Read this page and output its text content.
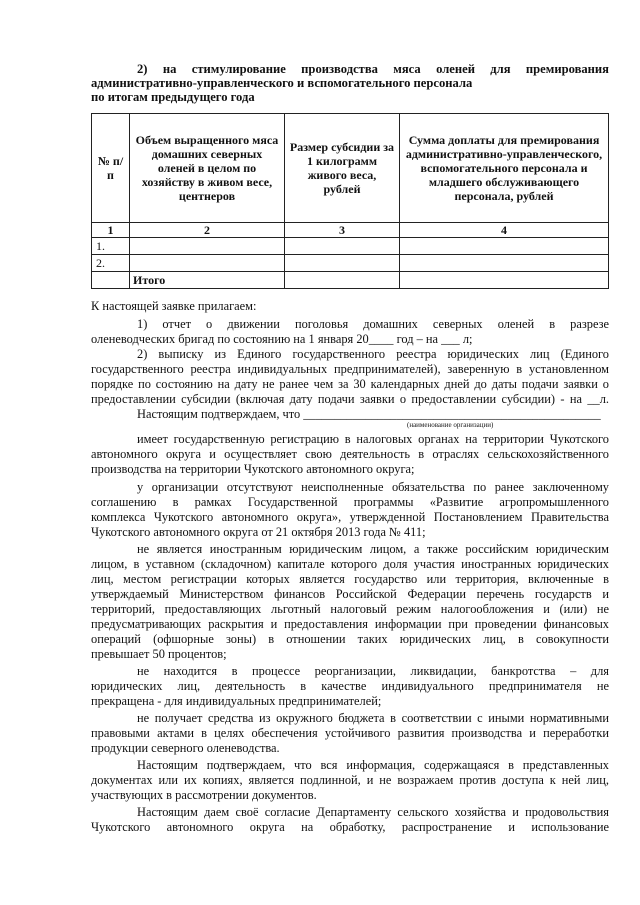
2) на стимулирование производства мяса оленей для премирования
административно-управленческого и вспомогательного персонала
по итогам предыдущего года
№ п/п	Объем выращенного мяса домашних северных оленей в целом по хозяйству в живом весе, центнеров	Размер субсидии за 1 килограмм живого веса, рублей	Сумма доплаты для премирования административно-управленческого, вспомогательного персонала и младшего обслуживающего персонала, рублей
1	2	3	4
1.			
2.			
	Итого		
К настоящей заявке прилагаем:
1) отчет о движении поголовья домашних северных оленей в разрезе
оленеводческих бригад по состоянию на 1 января 20____ год – на ___ л;
2) выписку из Единого государственного реестра юридических лиц (Единого
государственного реестра индивидуальных предпринимателей), заверенную в установленном
порядке по состоянию на дату не ранее чем за 30 календарных дней до даты подачи заявки о
предоставлении субсидии (включая дату подачи заявки о предоставлении субсидии) - на __л.
Настоящим подтверждаем, что ________________________________________________
(наименование организации)
имеет государственную регистрацию в налоговых органах на территории Чукотского
автономного округа и осуществляет свою деятельность в отраслях сельскохозяйственного
производства на территории Чукотского автономного округа;
у организации отсутствуют неисполненные обязательства по ранее заключенному
соглашению в рамках Государственной программы «Развитие агропромышленного
комплекса Чукотского автономного округа», утвержденной Постановлением Правительства
Чукотского автономного округа от 21 октября 2013 года № 411;
не является иностранным юридическим лицом, а также российским юридическим
лицом, в уставном (складочном) капитале которого доля участия иностранных юридических
лиц, местом регистрации которых является государство или территория, включенные в
утверждаемый Министерством финансов Российской Федерации перечень государств и
территорий, предоставляющих льготный налоговый режим налогообложения и (или) не
предусматривающих раскрытия и предоставления информации при проведении финансовых
операций (офшорные зоны) в отношении таких юридических лиц, в совокупности
превышает 50 процентов;
не находится в процессе реорганизации, ликвидации, банкротства – для
юридических лиц, деятельность в качестве индивидуального предпринимателя не
прекращена - для индивидуальных предпринимателей;
не получает средства из окружного бюджета в соответствии с иными нормативными
правовыми актами в целях обеспечения устойчивого развития производства и переработки
продукции северного оленеводства.
Настоящим подтверждаем, что вся информация, содержащаяся в представленных
документах или их копиях, является подлинной, и не возражаем против доступа к ней лиц,
участвующих в рассмотрении документов.
Настоящим даем своё согласие Департаменту сельского хозяйства и продовольствия
Чукотского автономного округа на обработку, распространение и использование
